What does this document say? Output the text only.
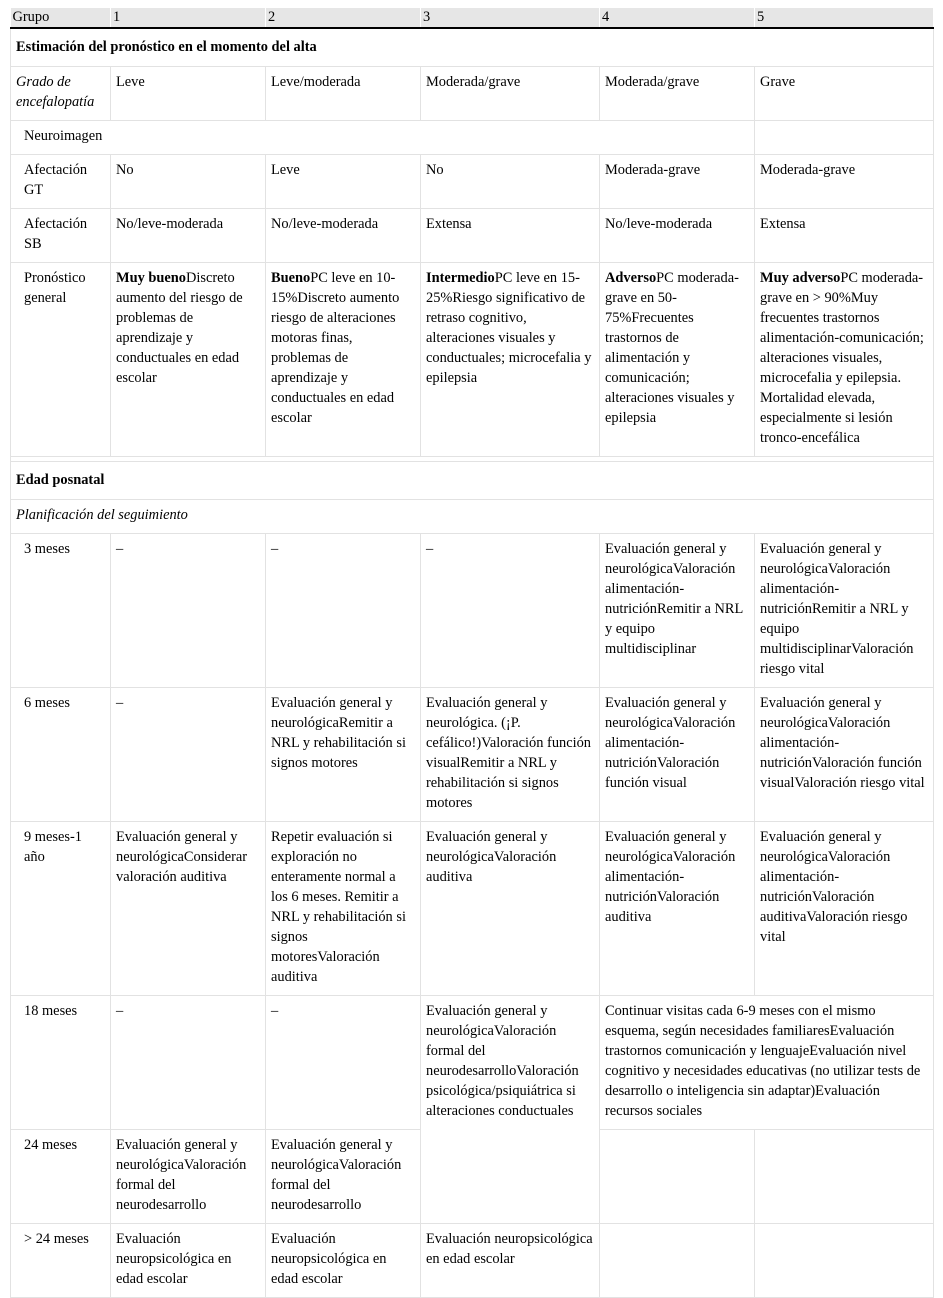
Grupo	1	2	3	4	5
Estimación del pronóstico en el momento del alta					
Grado de encefalopatía	Leve	Leve/moderada	Moderada/grave	Moderada/grave	Grave
Neuroimagen					
Afectación GT	No	Leve	No	Moderada-grave	Moderada-grave
Afectación SB	No/leve-moderada	No/leve-moderada	Extensa	No/leve-moderada	Extensa
Pronóstico general	Muy buenoDiscreto aumento del riesgo de problemas de aprendizaje y conductuales en edad escolar	BuenoPC leve en 10-15%Discreto aumento riesgo de alteraciones motoras finas, problemas de aprendizaje y conductuales en edad escolar	IntermedioPC leve en 15-25%Riesgo significativo de retraso cognitivo, alteraciones visuales y conductuales; microcefalia y epilepsia	AdversoPC moderada-grave en 50-75%Frecuentes trastornos de alimentación y comunicación; alteraciones visuales y epilepsia	Muy adversoPC moderada-grave en > 90%Muy frecuentes trastornos alimentación-comunicación; alteraciones visuales, microcefalia y epilepsia. Mortalidad elevada, especialmente si lesión tronco-encefálica

Edad posnatal					
Planificación del seguimiento					
3 meses	–	–	–	Evaluación general y neurológicaValoración alimentación-nutriciónRemitir a NRL y equipo multidisciplinar	Evaluación general y neurológicaValoración alimentación-nutriciónRemitir a NRL y equipo multidisciplinarValoración riesgo vital
6 meses	–	Evaluación general y neurológicaRemitir a NRL y rehabilitación si signos motores	Evaluación general y neurológica. (¡P. cefálico!)Valoración función visualRemitir a NRL y rehabilitación si signos motores	Evaluación general y neurológicaValoración alimentación-nutriciónValoración función visual	Evaluación general y neurológicaValoración alimentación-nutriciónValoración función visualValoración riesgo vital
9 meses-1 año	Evaluación general y neurológicaConsiderar valoración auditiva	Repetir evaluación si exploración no enteramente normal a los 6 meses. Remitir a NRL y rehabilitación si signos motoresValoración auditiva	Evaluación general y neurológicaValoración auditiva	Evaluación general y neurológicaValoración alimentación-nutriciónValoración auditiva	Evaluación general y neurológicaValoración alimentación-nutriciónValoración auditivaValoración riesgo vital
18 meses	–	–	Evaluación general y neurológicaValoración formal del neurodesarrolloValoración psicológica/psiquiátrica si alteraciones conductuales	Continuar visitas cada 6-9 meses con el mismo esquema, según necesidades familiaresEvaluación trastornos comunicación y lenguajeEvaluación nivel cognitivo y necesidades educativas (no utilizar tests de desarrollo o inteligencia sin adaptar)Evaluación recursos sociales	
24 meses	Evaluación general y neurológicaValoración formal del neurodesarrollo	Evaluación general y neurológicaValoración formal del neurodesarrollo			
> 24 meses	Evaluación neuropsicológica en edad escolar	Evaluación neuropsicológica en edad escolar	Evaluación neuropsicológica en edad escolar		
